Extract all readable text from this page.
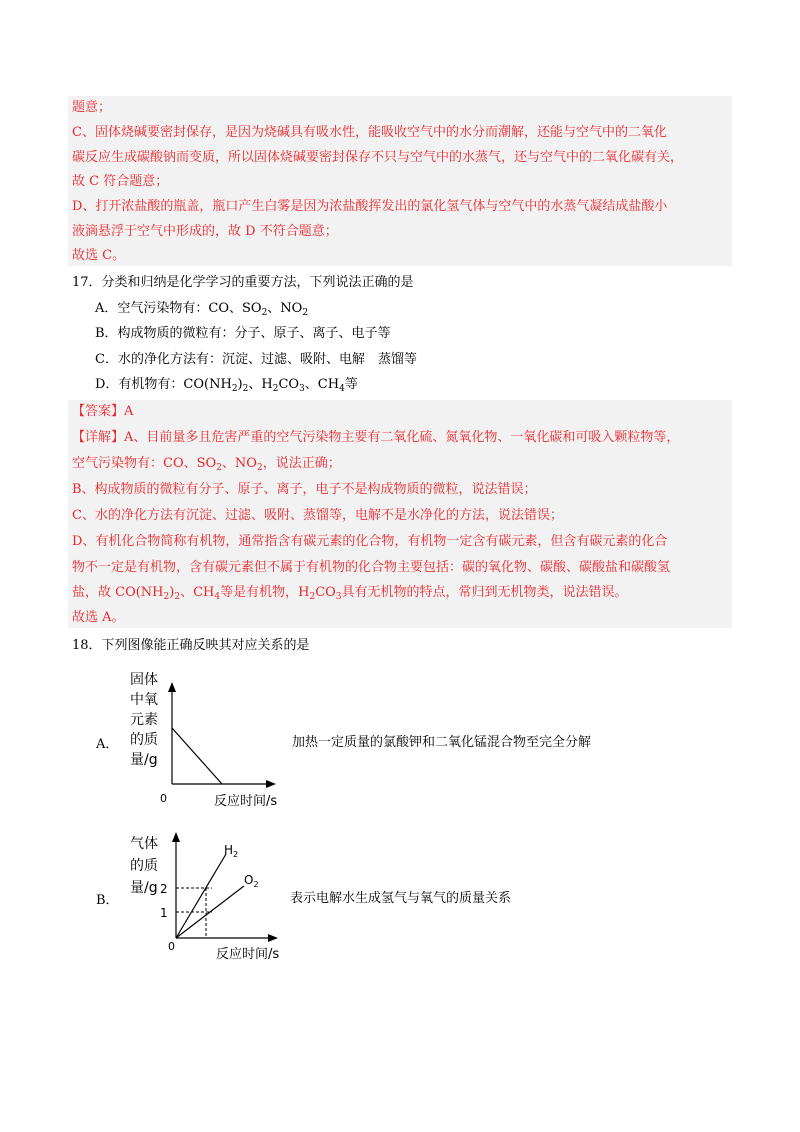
题意；
C、固体烧碱要密封保存，是因为烧碱具有吸水性，能吸收空气中的水分而潮解，还能与空气中的二氧化
碳反应生成碳酸钠而变质，所以固体烧碱要密封保存不只与空气中的水蒸气，还与空气中的二氧化碳有关，
故 C 符合题意；
D、打开浓盐酸的瓶盖，瓶口产生白雾是因为浓盐酸挥发出的氯化氢气体与空气中的水蒸气凝结成盐酸小
液滴悬浮于空气中形成的，故 D 不符合题意；
故选 C。
17．分类和归纳是化学学习的重要方法，下列说法正确的是
A．空气污染物有：CO、$SO_2$、$NO_2$
B．构成物质的微粒有：分子、原子、离子、电子等
C．水的净化方法有：沉淀、过滤、吸附、电解　蒸馏等
D．有机物有：$CO(NH_2)_2$、$H_2CO_3$、$CH_4$等
【答案】A
【详解】A、目前量多且危害严重的空气污染物主要有二氧化硫、氮氧化物、一氧化碳和可吸入颗粒物等，
空气污染物有：CO、$SO_2$、$NO_2$，说法正确；
B、构成物质的微粒有分子、原子、离子，电子不是构成物质的微粒，说法错误；
C、水的净化方法有沉淀、过滤、吸附、蒸馏等，电解不是水净化的方法，说法错误；
D、有机化合物简称有机物，通常指含有碳元素的化合物，有机物一定含有碳元素，但含有碳元素的化合
物不一定是有机物，含有碳元素但不属于有机物的化合物主要包括：碳的氧化物、碳酸、碳酸盐和碳酸氢
盐，故 $CO(NH_2)_2$、$CH_4$等是有机物，$H_2CO_3$具有无机物的特点，常归到无机物类，说法错误。
故选 A。
18．下列图像能正确反映其对应关系的是
A．
固体
中氧
元素
的质
量/g
0	反应时间/s
加热一定质量的氯酸钾和二氧化锰混合物至完全分解
B．
气体
的质
量/g 2
1
0
$H_2$
$O_2$
反应时间/s
表示电解水生成氢气与氧气的质量关系
